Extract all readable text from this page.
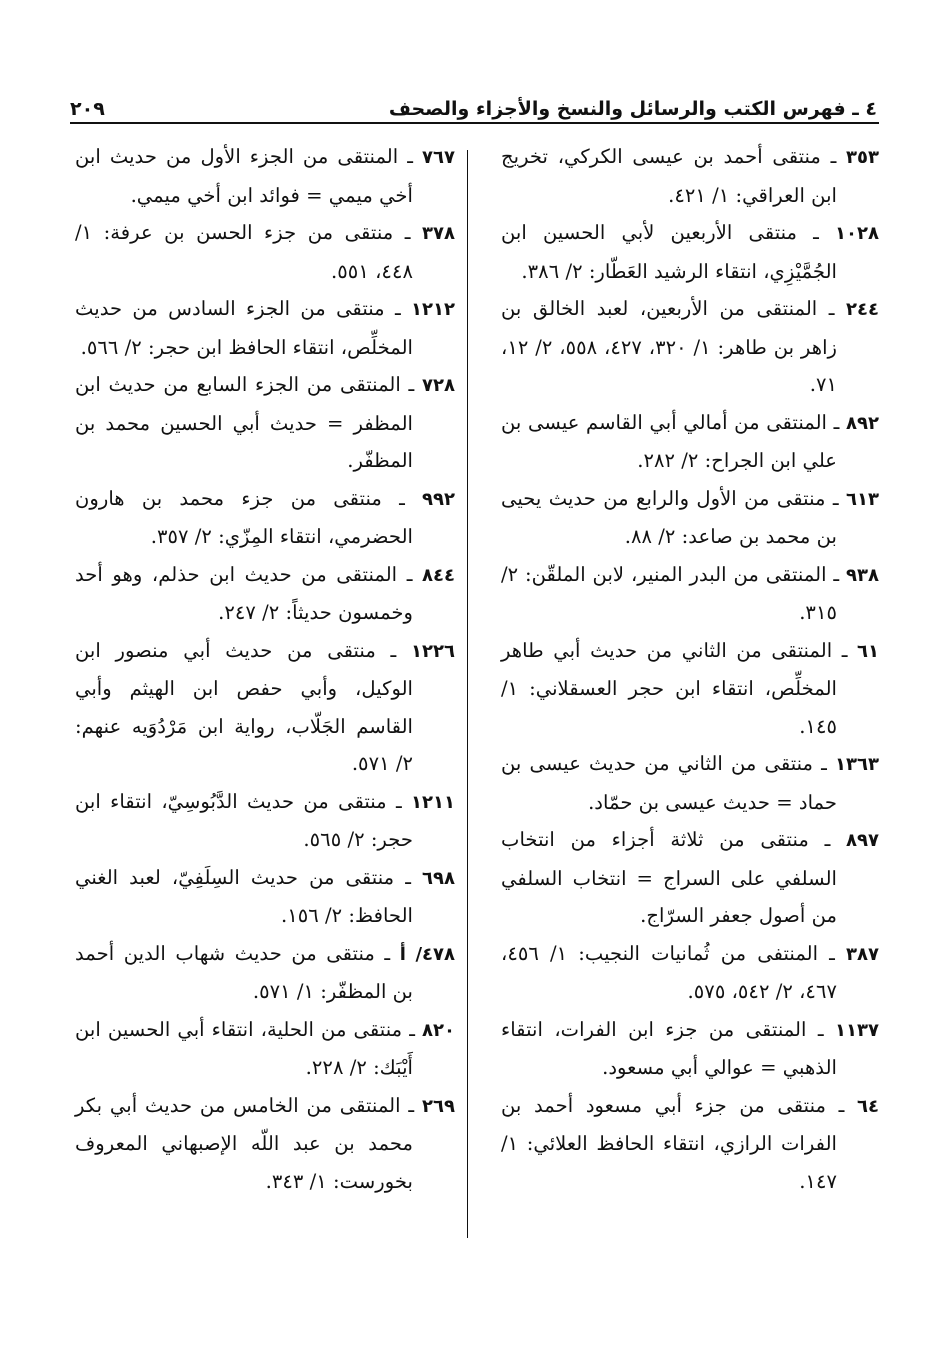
٤ ـ فهرس الكتب والرسائل والنسخ والأجزاء والصحف
٢٠٩

٣٥٣ ـ منتقى أحمد بن عيسى الكركي، تخريج ابن العراقي: ١/ ٤٢١.

١٠٢٨ ـ منتقى الأربعين لأبي الحسين ابن الجُمَّيْزِي، انتقاء الرشيد العَطّار: ٢/ ٣٨٦.

٢٤٤ ـ المنتقى من الأربعين، لعبد الخالق بن زاهر بن طاهر: ١/ ٣٢٠، ٤٢٧، ٥٥٨، ٢/ ١٢، ٧١.

٨٩٢ ـ المنتقى من أمالي أبي القاسم عيسى بن علي ابن الجراح: ٢/ ٢٨٢.

٦١٣ ـ منتقى من الأول والرابع من حديث يحيى بن محمد بن صاعد: ٢/ ٨٨.

٩٣٨ ـ المنتقى من البدر المنير، لابن الملقّن: ٢/ ٣١٥.

٦١ ـ المنتقى من الثاني من حديث أبي طاهر المخلِّص، انتقاء ابن حجر العسقلاني: ١/ ١٤٥.

١٣٦٣ ـ منتقى من الثاني من حديث عيسى بن حماد = حديث عيسى بن حمّاد.

٨٩٧ ـ منتقى من ثلاثة أجزاء من انتخاب السلفي على السراج = انتخاب السلفي من أصول جعفر السرّاج.

٣٨٧ ـ المنتفى من ثُمانيات النجيب: ١/ ٤٥٦، ٤٦٧، ٢/ ٥٤٢، ٥٧٥.

١١٣٧ ـ المنتقى من جزء ابن الفرات، انتقاء الذهبي = عوالي أبي مسعود.

٦٤ ـ منتقى من جزء أبي مسعود أحمد بن الفرات الرازي، انتقاء الحافظ العلائي: ١/ ١٤٧.

٧٦٧ ـ المنتقى من الجزء الأول من حديث ابن أخي ميمي = فوائد ابن أخي ميمي.

٣٧٨ ـ منتقى من جزء الحسن بن عرفة: ١/ ٤٤٨، ٥٥١.

١٢١٢ ـ منتقى من الجزء السادس من حديث المخلِّص، انتقاء الحافظ ابن حجر: ٢/ ٥٦٦.

٧٢٨ ـ المنتقى من الجزء السابع من حديث ابن المظفر = حديث أبي الحسين محمد بن المظفّر.

٩٩٢ ـ منتقى من جزء محمد بن هارون الحضرمي، انتقاء المِزّي: ٢/ ٣٥٧.

٨٤٤ ـ المنتقى من حديث ابن حذلم، وهو أحد وخمسون حديثاً: ٢/ ٢٤٧.

١٢٢٦ ـ منتقى من حديث أبي منصور ابن الوكيل، وأبي حفص ابن الهيثم وأبي القاسم الجَلّاب، رواية ابن مَرْدُوَيه عنهم: ٢/ ٥٧١.

١٢١١ ـ منتقى من حديث الدَّبُوسِيّ، انتقاء ابن حجر: ٢/ ٥٦٥.

٦٩٨ ـ منتقى من حديث السِلَفِيّ، لعبد الغني الحافظ: ٢/ ١٥٦.

٤٧٨/ أ ـ منتقى من حديث شهاب الدين أحمد بن المظفّر: ١/ ٥٧١.

٨٢٠ ـ منتقى من الحلية، انتقاء أبي الحسين ابن أَيْبَك: ٢/ ٢٢٨.

٢٦٩ ـ المنتقى من الخامس من حديث أبي بكر محمد بن عبد اللّه الإصبهاني المعروف بخورست: ١/ ٣٤٣.
